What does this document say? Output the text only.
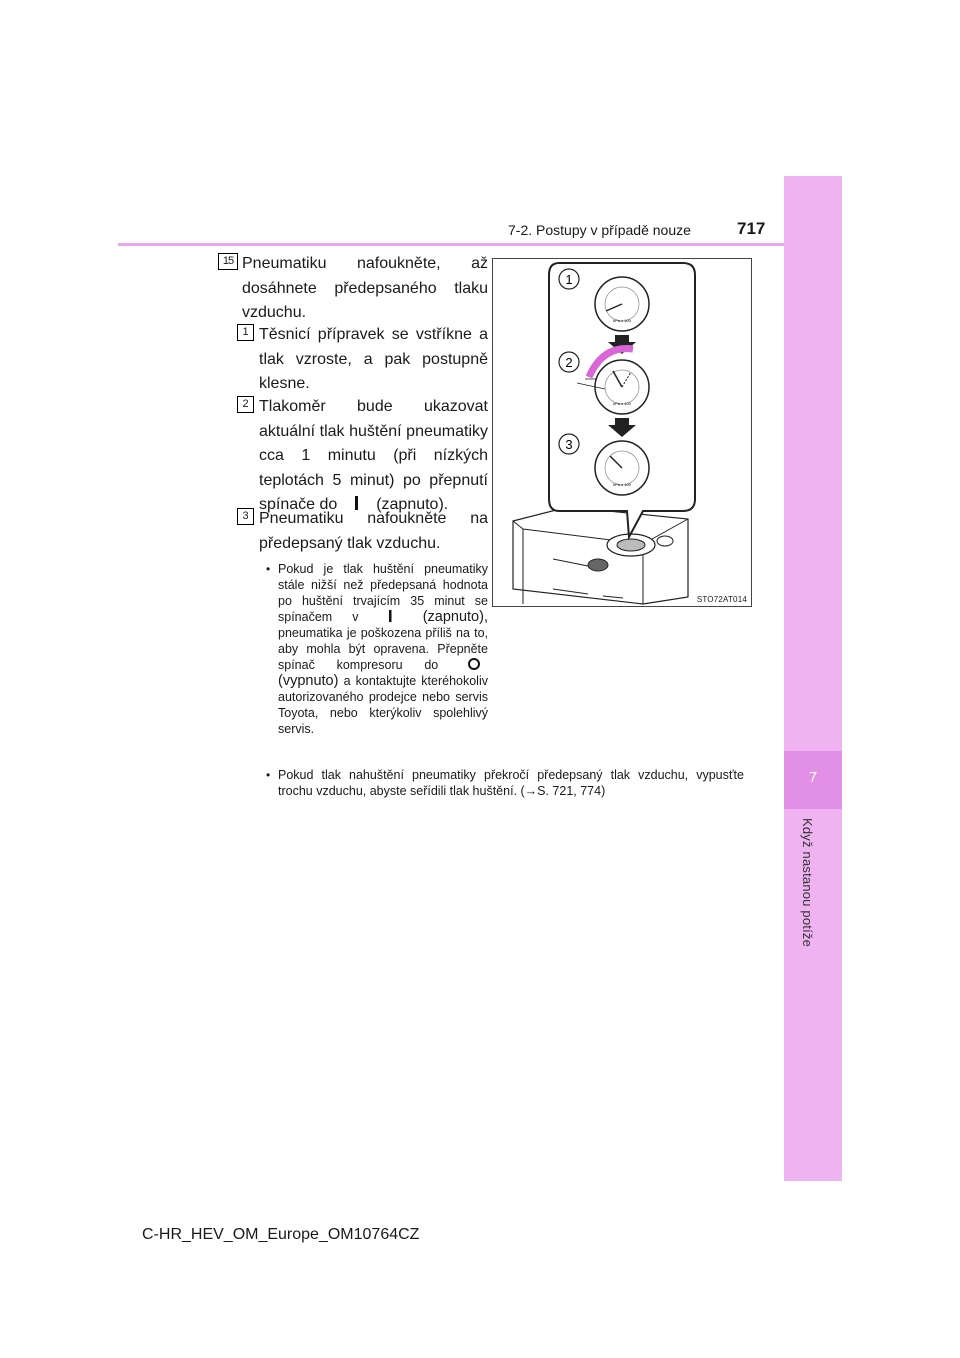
7
Když nastanou potíže
7-2. Postupy v případě nouze	717
15 Pneumatiku nafoukněte, až dosáhnete předepsaného tlaku vzduchu.
1 Těsnicí přípravek se vstříkne a tlak vzroste, a pak postupně klesne.
2 Tlakoměr bude ukazovat aktuální tlak huštění pneumatiky cca 1 minutu (při nízkých teplotách 5 minut) po přepnutí spínače do (zapnuto).
3 Pneumatiku nafoukněte na předepsaný tlak vzduchu.
• Pokud je tlak huštění pneumatiky stále nižší než předepsaná hodnota po huštění trvajícím 35 minut se spínačem v	(zapnuto), pneumatika je poškozena příliš na to, aby mohla být opravena. Přepněte spínač kompresoru do  (vypnuto) a kontaktujte kteréhokoliv autorizovaného prodejce nebo servis Toyota, nebo kterýkoliv spolehlivý servis.
• Pokud tlak nahuštění pneumatiky překročí předepsaný tlak vzduchu, vypusťte trochu vzduchu, abyste seřídili tlak huštění. (→S. 721, 774)
1
2
3
kPa x 100
kPa x 100
kPa x 100
STO72AT014
C-HR_HEV_OM_Europe_OM10764CZ
